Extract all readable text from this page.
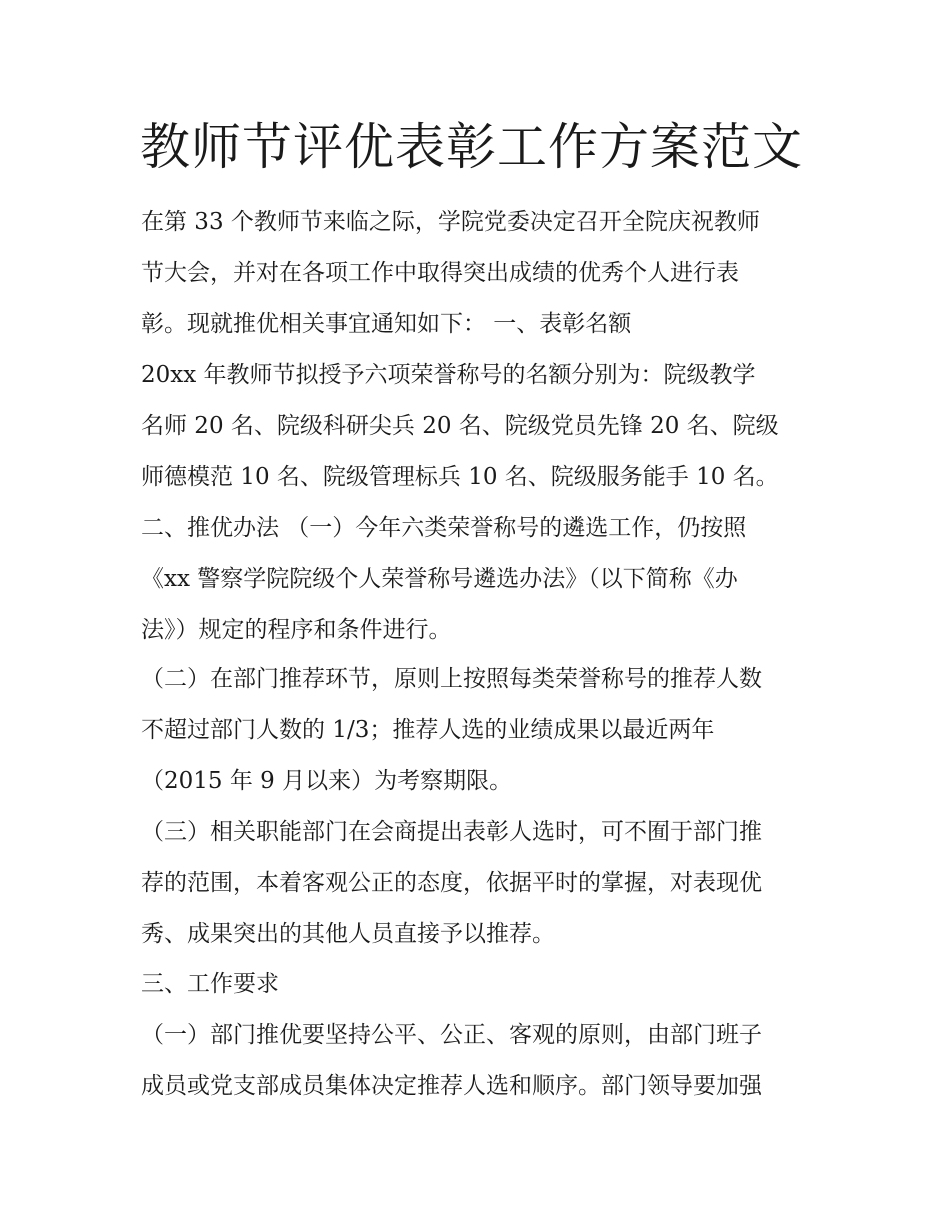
教师节评优表彰工作方案范文

在第 33 个教师节来临之际，学院党委决定召开全院庆祝教师

节大会，并对在各项工作中取得突出成绩的优秀个人进行表

彰。现就推优相关事宜通知如下： 一、表彰名额

20xx 年教师节拟授予六项荣誉称号的名额分别为：院级教学

名师 20 名、院级科研尖兵 20 名、院级党员先锋 20 名、院级

师德模范 10 名、院级管理标兵 10 名、院级服务能手 10 名。

二、推优办法 （一）今年六类荣誉称号的遴选工作，仍按照

《xx 警察学院院级个人荣誉称号遴选办法》（以下简称《办

法》）规定的程序和条件进行。

（二）在部门推荐环节，原则上按照每类荣誉称号的推荐人数

不超过部门人数的 1/3；推荐人选的业绩成果以最近两年

（2015 年 9 月以来）为考察期限。

（三）相关职能部门在会商提出表彰人选时，可不囿于部门推

荐的范围，本着客观公正的态度，依据平时的掌握，对表现优

秀、成果突出的其他人员直接予以推荐。

三、工作要求

（一）部门推优要坚持公平、公正、客观的原则，由部门班子

成员或党支部成员集体决定推荐人选和顺序。部门领导要加强
